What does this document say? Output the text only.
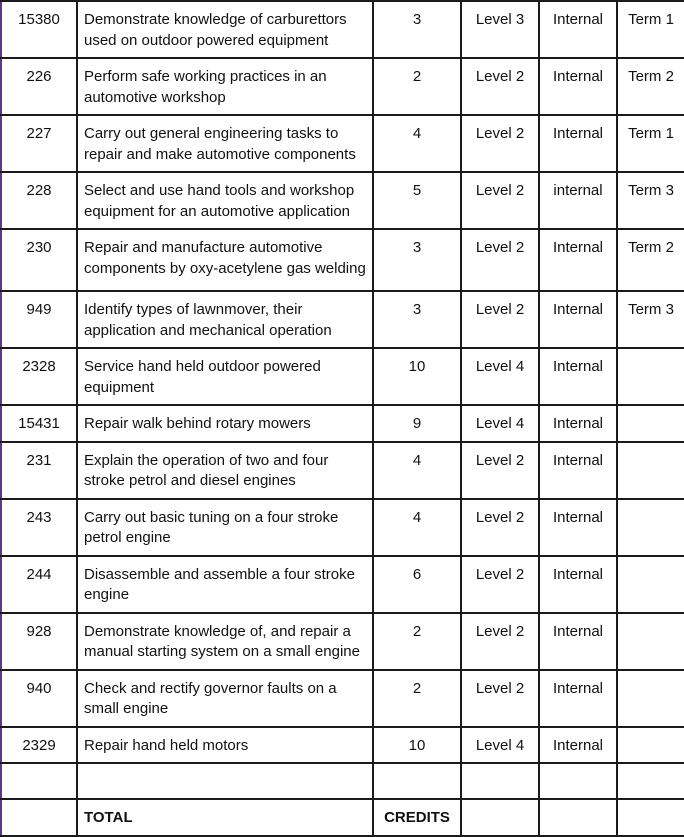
15380	Demonstrate knowledge of carburettors used on outdoor powered equipment	3	Level 3	Internal	Term 1
226	Perform safe working practices in an automotive workshop	2	Level 2	Internal	Term 2
227	Carry out general engineering tasks to repair and make automotive components	4	Level 2	Internal	Term 1
228	Select and use hand tools and workshop equipment for an automotive application	5	Level 2	internal	Term 3
230	Repair and manufacture automotive components by oxy-acetylene gas welding	3	Level 2	Internal	Term 2
949	Identify types of lawnmover, their application and mechanical operation	3	Level 2	Internal	Term 3
2328	Service hand held outdoor powered equipment	10	Level 4	Internal	
15431	Repair walk behind rotary mowers	9	Level 4	Internal	
231	Explain the operation of two and four stroke petrol and diesel engines	4	Level 2	Internal	
243	Carry out basic tuning on a four stroke petrol engine	4	Level 2	Internal	
244	Disassemble and assemble a four stroke engine	6	Level 2	Internal	
928	Demonstrate knowledge of, and repair a manual starting system on a small engine	2	Level 2	Internal	
940	Check and rectify governor faults on a small engine	2	Level 2	Internal	
2329	Repair hand held motors	10	Level 4	Internal	

	TOTAL	CREDITS			
